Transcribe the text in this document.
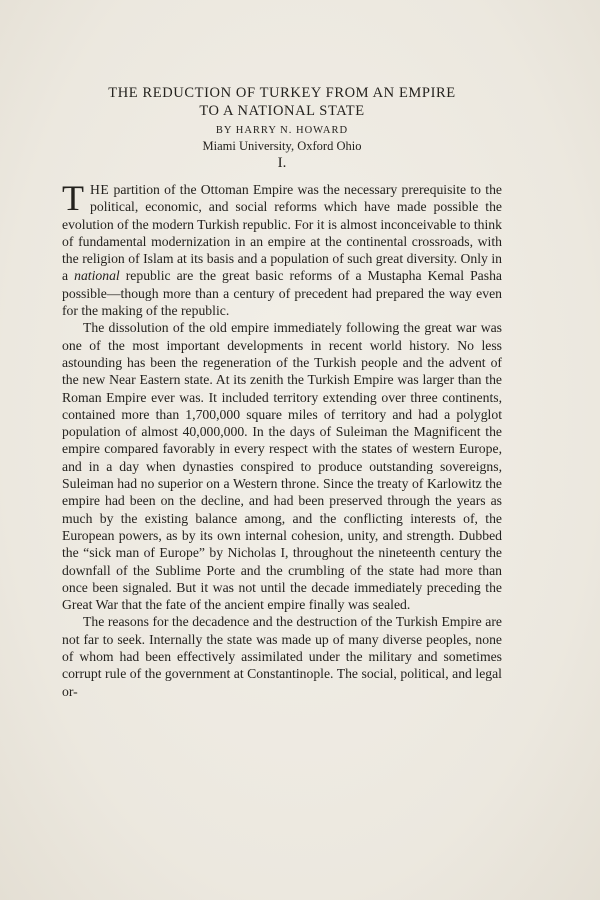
THE REDUCTION OF TURKEY FROM AN EMPIRE
TO A NATIONAL STATE

BY HARRY N. HOWARD

Miami University, Oxford Ohio

I.

THE partition of the Ottoman Empire was the necessary prerequisite to the political, economic, and social reforms which have made possible the evolution of the modern Turkish republic. For it is almost inconceivable to think of fundamental modernization in an empire at the continental crossroads, with the religion of Islam at its basis and a population of such great diversity. Only in a national republic are the great basic reforms of a Mustapha Kemal Pasha possible—though more than a century of precedent had prepared the way even for the making of the republic.

The dissolution of the old empire immediately following the great war was one of the most important developments in recent world history. No less astounding has been the regeneration of the Turkish people and the advent of the new Near Eastern state. At its zenith the Turkish Empire was larger than the Roman Empire ever was. It included territory extending over three continents, contained more than 1,700,000 square miles of territory and had a polyglot population of almost 40,000,000. In the days of Suleiman the Magnificent the empire compared favorably in every respect with the states of western Europe, and in a day when dynasties conspired to produce outstanding sovereigns, Suleiman had no superior on a Western throne. Since the treaty of Karlowitz the empire had been on the decline, and had been preserved through the years as much by the existing balance among, and the conflicting interests of, the European powers, as by its own internal cohesion, unity, and strength. Dubbed the “sick man of Europe” by Nicholas I, throughout the nineteenth century the downfall of the Sublime Porte and the crumbling of the state had more than once been signaled. But it was not until the decade immediately preceding the Great War that the fate of the ancient empire finally was sealed.

The reasons for the decadence and the destruction of the Turkish Empire are not far to seek. Internally the state was made up of many diverse peoples, none of whom had been effectively assimilated under the military and sometimes corrupt rule of the government at Constantinople. The social, political, and legal or-
